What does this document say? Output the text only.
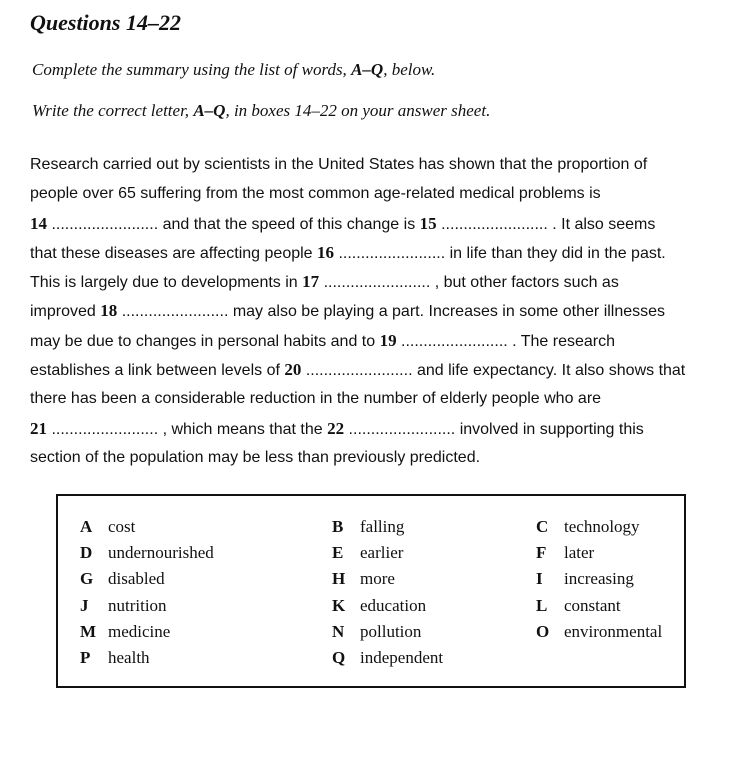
Questions 14–22
Complete the summary using the list of words, A–Q, below.
Write the correct letter, A–Q, in boxes 14–22 on your answer sheet.
Research carried out by scientists in the United States has shown that the proportion of
people over 65 suffering from the most common age-related medical problems is
14 ........................ and that the speed of this change is 15 ........................ . It also seems
that these diseases are affecting people 16 ........................ in life than they did in the past.
This is largely due to developments in 17 ........................ , but other factors such as
improved 18 ........................ may also be playing a part. Increases in some other illnesses
may be due to changes in personal habits and to 19 ........................ . The research
establishes a link between levels of 20 ........................ and life expectancy. It also shows that
there has been a considerable reduction in the number of elderly people who are
21 ........................ , which means that the 22 ........................ involved in supporting this
section of the population may be less than previously predicted.
A cost
D undernourished
G disabled
J nutrition
M medicine
P health
B falling
E earlier
H more
K education
N pollution
Q independent
C technology
F later
I increasing
L constant
O environmental
